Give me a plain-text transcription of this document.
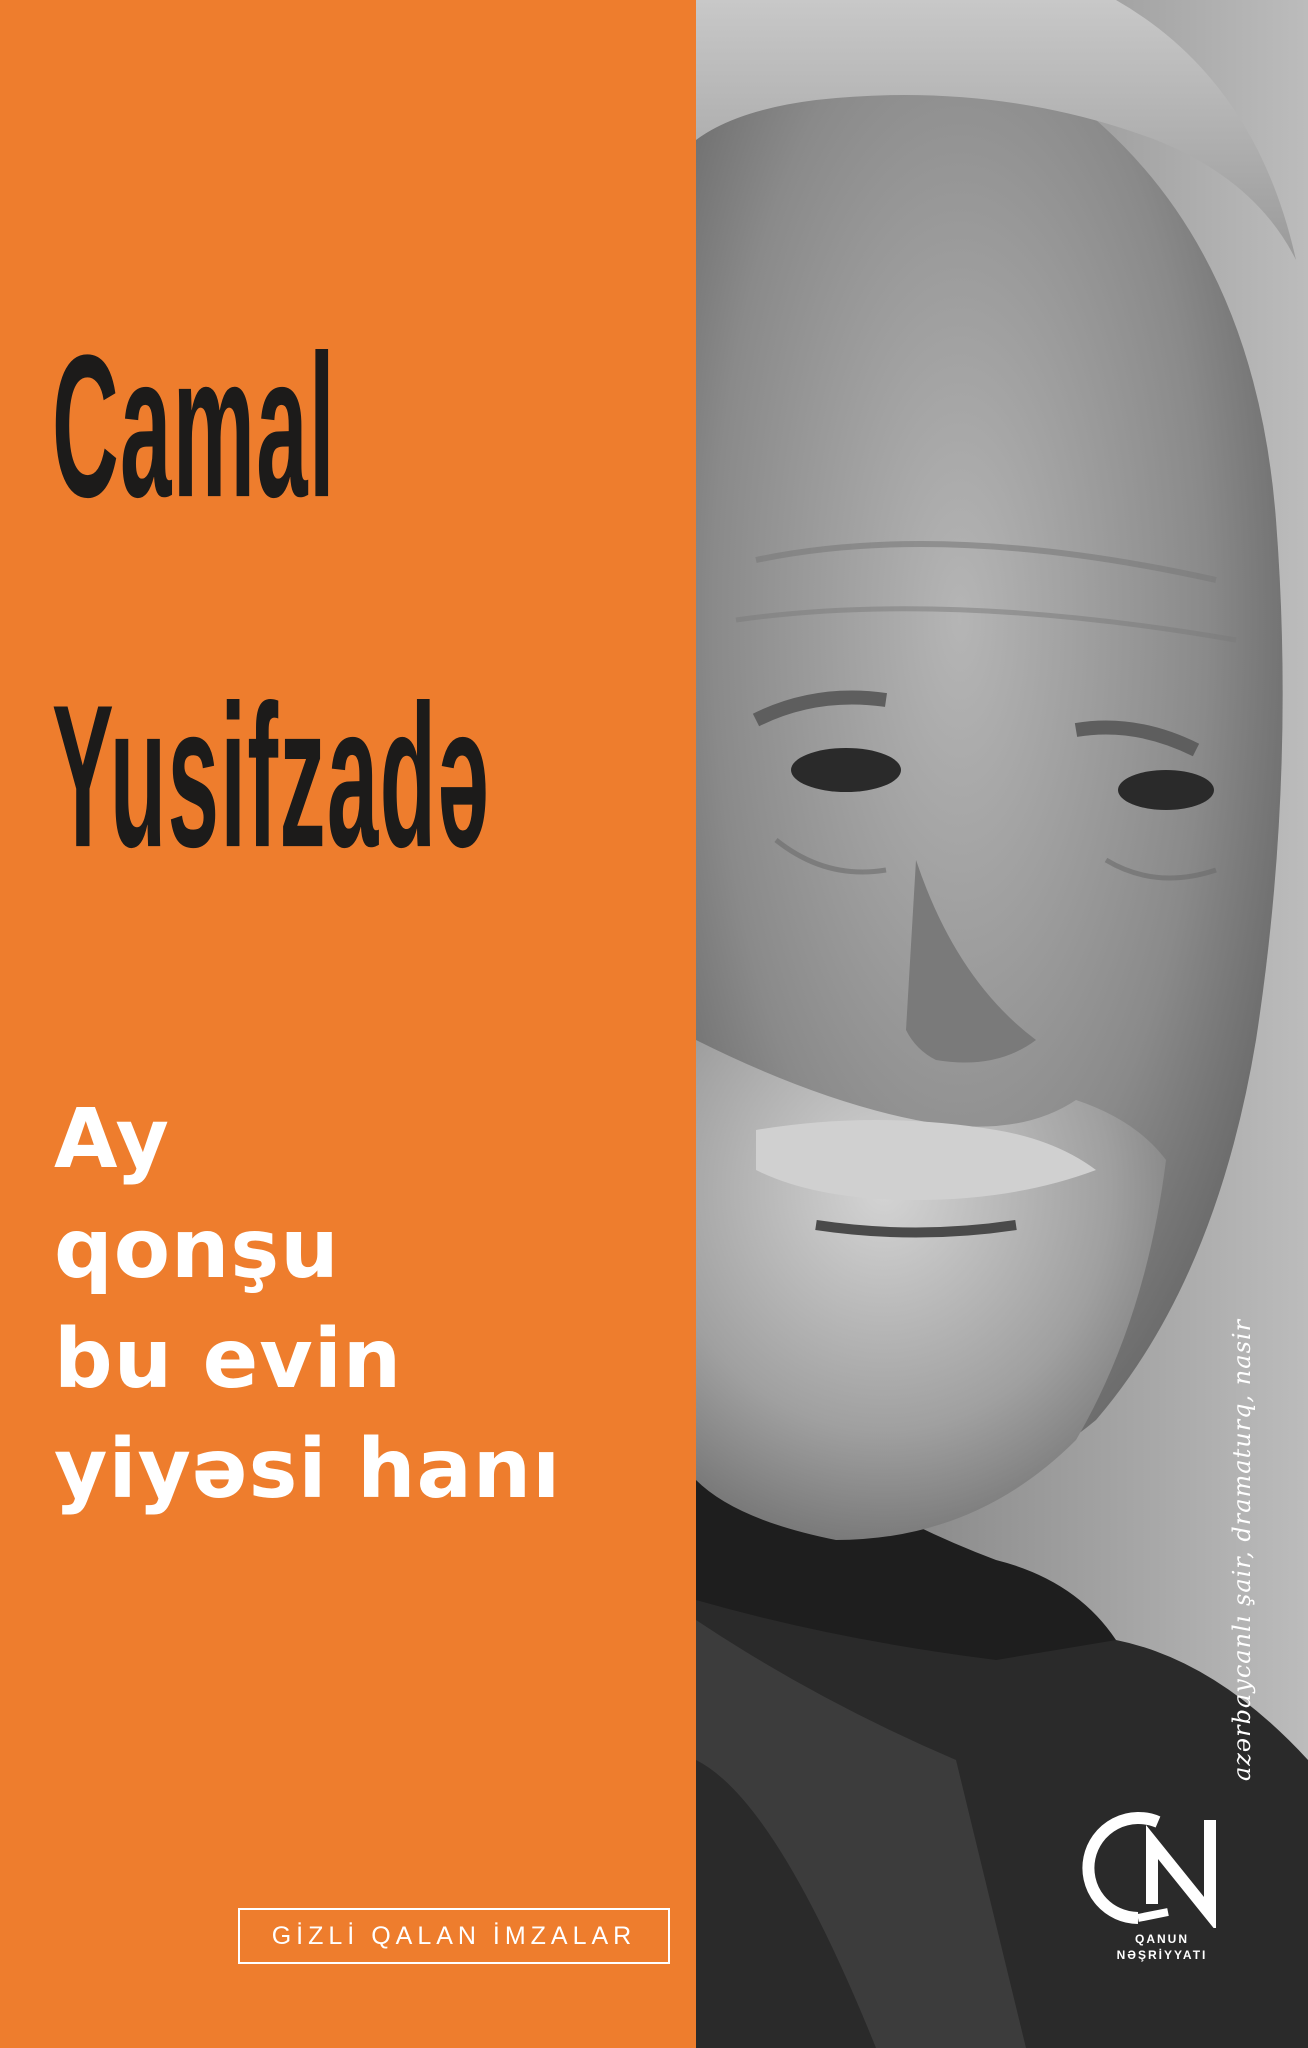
Camal
Yusifzadə
Ay
qonşu
bu evin
yiyəsi hanı
GİZLİ QALAN İMZALAR
azərbaycanlı şair, dramaturq, nasir
QANUN
NƏŞRİYYATI
